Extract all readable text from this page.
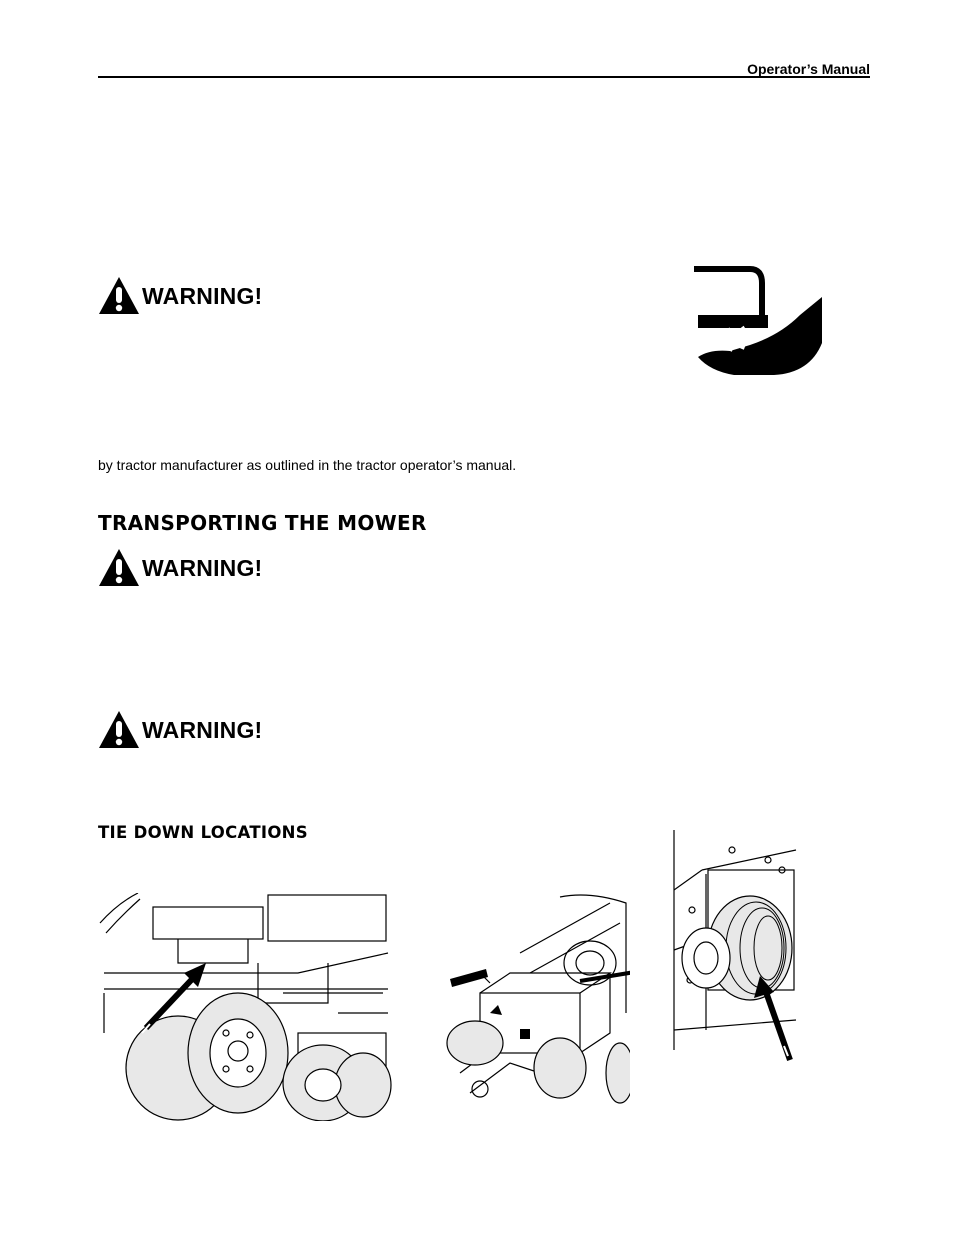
Operator’s Manual
WARNING!
by tractor manufacturer as outlined in the tractor operator’s manual.
TRANSPORTING THE MOWER
WARNING!
WARNING!
TIE DOWN LOCATIONS
